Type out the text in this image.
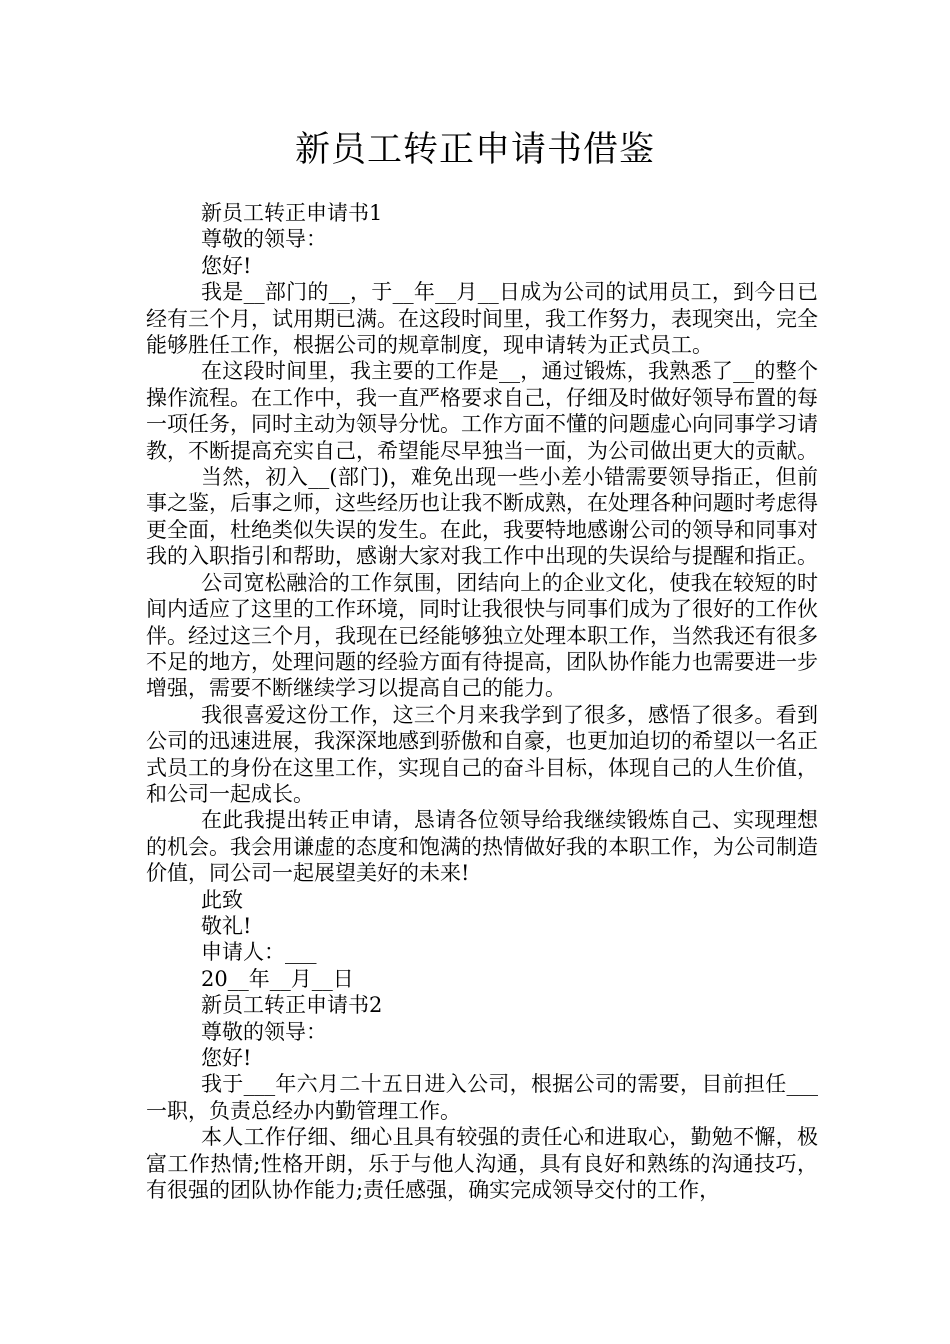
新员工转正申请书借鉴
新员工转正申请书1
尊敬的领导：
您好!
我是__部门的__，于__年__月__日成为公司的试用员工，到今日已经有三个月，试用期已满。在这段时间里，我工作努力，表现突出，完全能够胜任工作，根据公司的规章制度，现申请转为正式员工。
在这段时间里，我主要的工作是__，通过锻炼，我熟悉了__的整个操作流程。在工作中，我一直严格要求自己，仔细及时做好领导布置的每一项任务，同时主动为领导分忧。工作方面不懂的问题虚心向同事学习请教，不断提高充实自己，希望能尽早独当一面，为公司做出更大的贡献。
当然，初入__(部门)，难免出现一些小差小错需要领导指正，但前事之鉴，后事之师，这些经历也让我不断成熟，在处理各种问题时考虑得更全面，杜绝类似失误的发生。在此，我要特地感谢公司的领导和同事对我的入职指引和帮助，感谢大家对我工作中出现的失误给与提醒和指正。
公司宽松融洽的工作氛围，团结向上的企业文化，使我在较短的时间内适应了这里的工作环境，同时让我很快与同事们成为了很好的工作伙伴。经过这三个月，我现在已经能够独立处理本职工作，当然我还有很多不足的地方，处理问题的经验方面有待提高，团队协作能力也需要进一步增强，需要不断继续学习以提高自己的能力。
我很喜爱这份工作，这三个月来我学到了很多，感悟了很多。看到公司的迅速进展，我深深地感到骄傲和自豪，也更加迫切的希望以一名正式员工的身份在这里工作，实现自己的奋斗目标，体现自己的人生价值，和公司一起成长。
在此我提出转正申请，恳请各位领导给我继续锻炼自己、实现理想的机会。我会用谦虚的态度和饱满的热情做好我的本职工作，为公司制造价值，同公司一起展望美好的未来!
此致
敬礼!
申请人：___
20__年__月__日
新员工转正申请书2
尊敬的领导：
您好!
我于___年六月二十五日进入公司，根据公司的需要，目前担任___一职，负责总经办内勤管理工作。
本人工作仔细、细心且具有较强的责任心和进取心，勤勉不懈，极富工作热情;性格开朗，乐于与他人沟通，具有良好和熟练的沟通技巧，有很强的团队协作能力;责任感强，确实完成领导交付的工作，
